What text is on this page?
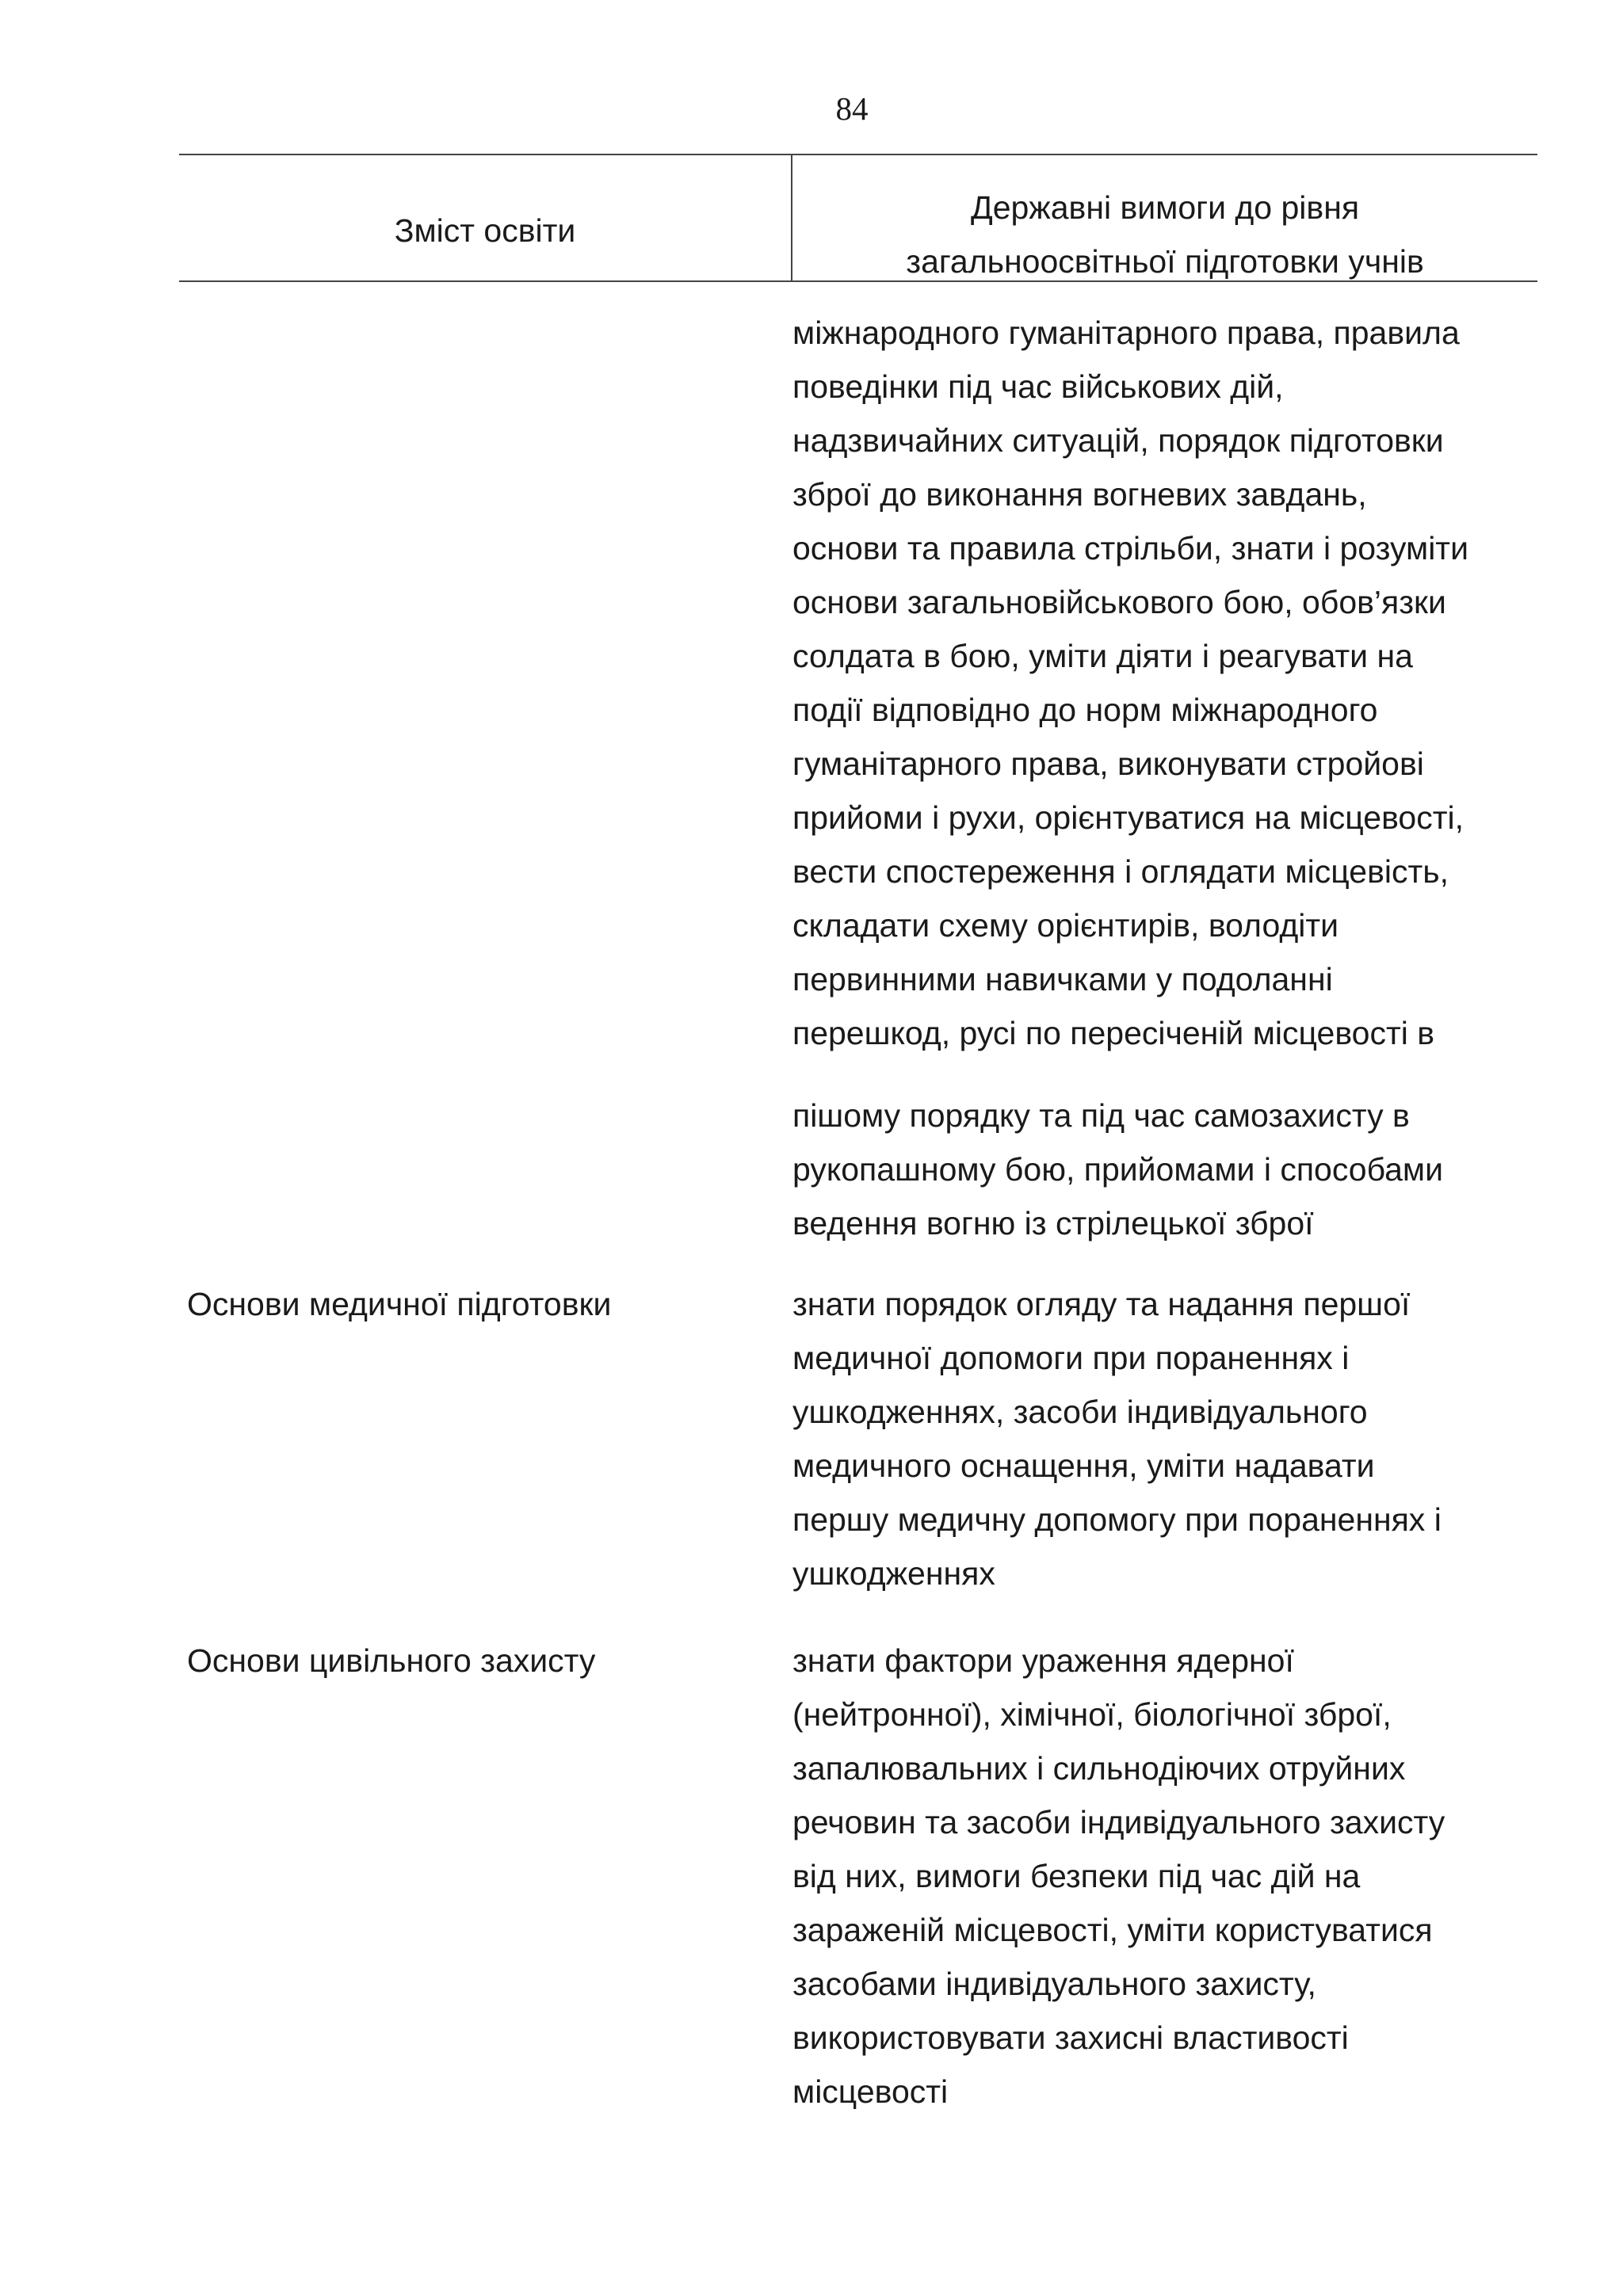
84
Зміст освіти
Державні вимоги до рівня
загальноосвітньої підготовки учнів
міжнародного гуманітарного права, правила
поведінки під час військових дій,
надзвичайних ситуацій, порядок підготовки
зброї до виконання вогневих завдань,
основи та правила стрільби, знати і розуміти
основи загальновійськового бою, обов’язки
солдата в бою, уміти діяти і реагувати на
події відповідно до норм міжнародного
гуманітарного права, виконувати стройові
прийоми і рухи, орієнтуватися на місцевості,
вести спостереження і оглядати місцевість,
складати схему орієнтирів, володіти
первинними навичками у подоланні
перешкод, русі по пересіченій місцевості в
пішому порядку та під час самозахисту в
рукопашному бою, прийомами і способами
ведення вогню із стрілецької зброї
Основи медичної підготовки	знати порядок огляду та надання першої
медичної допомоги при пораненнях і
ушкодженнях, засоби індивідуального
медичного оснащення, уміти надавати
першу медичну допомогу при пораненнях і
ушкодженнях
Основи цивільного захисту	знати фактори ураження ядерної
(нейтронної), хімічної, біологічної зброї,
запалювальних і сильнодіючих отруйних
речовин та засоби індивідуального захисту
від них, вимоги безпеки під час дій на
зараженій місцевості, уміти користуватися
засобами індивідуального захисту,
використовувати захисні властивості
місцевості
